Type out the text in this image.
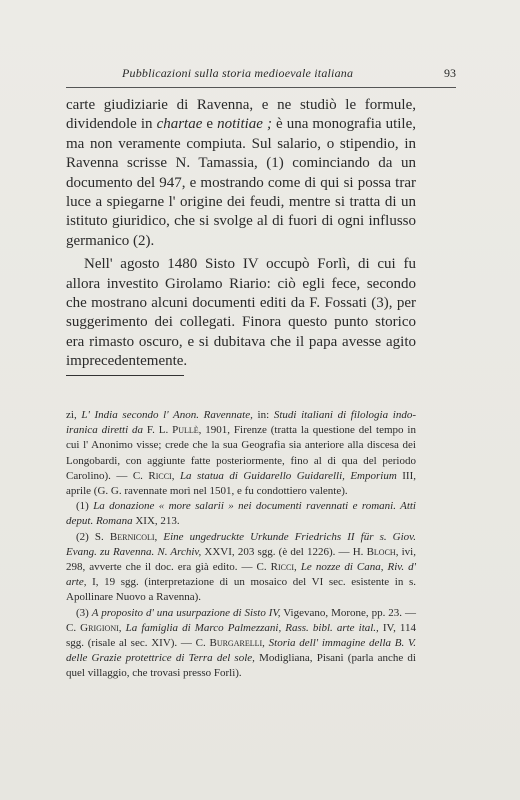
Pubblicazioni sulla storia medioevale italiana	93

carte giudiziarie di Ravenna, e ne studiò le formule, dividendole in chartae e notitiae ; è una monografia utile, ma non veramente compiuta. Sul salario, o stipendio, in Ravenna scrisse N. Tamassia, (1) cominciando da un documento del 947, e mostrando come di qui si possa trar luce a spiegarne l' origine dei feudi, mentre si tratta di un istituto giuridico, che si svolge al di fuori di ogni influsso germanico (2).

Nell' agosto 1480 Sisto IV occupò Forlì, di cui fu allora investito Girolamo Riario: ciò egli fece, secondo che mostrano alcuni documenti editi da F. Fossati (3), per suggerimento dei collegati. Finora questo punto storico era rimasto oscuro, e si dubitava che il papa avesse agito imprecedentemente.

zi, L' India secondo l' Anon. Ravennate, in: Studi italiani di filologia indo-iranica diretti da F. L. Pullè, 1901, Firenze (tratta la questione del tempo in cui l' Anonimo visse; crede che la sua Geografia sia anteriore alla discesa dei Longobardi, con aggiunte fatte posteriormente, fino al di qua del periodo Carolino). — C. Ricci, La statua di Guidarello Guidarelli, Emporium III, aprile (G. G. ravennate morì nel 1501, e fu condottiero valente).

(1) La donazione « more salarii » nei documenti ravennati e romani. Atti deput. Romana XIX, 213.

(2) S. Bernicoli, Eine ungedruckte Urkunde Friedrichs II für s. Giov. Evang. zu Ravenna. N. Archiv, XXVI, 203 sgg. (è del 1226). — H. Bloch, ivi, 298, avverte che il doc. era già edito. — C. Ricci, Le nozze di Cana, Riv. d' arte, I, 19 sgg. (interpretazione di un mosaico del VI sec. esistente in s. Apollinare Nuovo a Ravenna).

(3) A proposito d' una usurpazione di Sisto IV, Vigevano, Morone, pp. 23. — C. Grigioni, La famiglia di Marco Palmezzani, Rass. bibl. arte ital., IV, 114 sgg. (risale al sec. XIV). — C. Burgarelli, Storia dell' immagine della B. V. delle Grazie protettrice di Terra del sole, Modigliana, Pisani (parla anche di quel villaggio, che trovasi presso Forlì).
